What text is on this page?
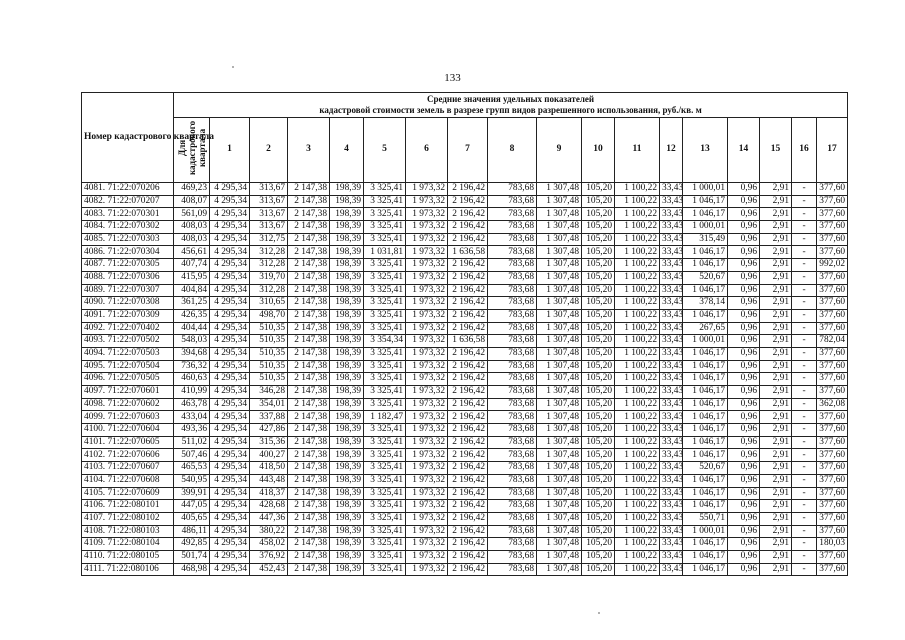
133
Номер кадастрового квартала	Средние значения удельных показателей
кадастровой стоимости земель в разрезе групп видов разрешенного использования, руб./кв. м																	

	Для кадастрового квартала	1	2	3	4	5	6	7	8	9	10	11	12	13	14	15	16	17
4081. 71:22:070206	469,23	4 295,34	313,67	2 147,38	198,39	3 325,41	1 973,32	2 196,42	783,68	1 307,48	105,20	1 100,22	33,43	1 000,01	0,96	2,91	-	377,60
4082. 71:22:070207	408,07	4 295,34	313,67	2 147,38	198,39	3 325,41	1 973,32	2 196,42	783,68	1 307,48	105,20	1 100,22	33,43	1 046,17	0,96	2,91	-	377,60
4083. 71:22:070301	561,09	4 295,34	313,67	2 147,38	198,39	3 325,41	1 973,32	2 196,42	783,68	1 307,48	105,20	1 100,22	33,43	1 046,17	0,96	2,91	-	377,60
4084. 71:22:070302	408,03	4 295,34	313,67	2 147,38	198,39	3 325,41	1 973,32	2 196,42	783,68	1 307,48	105,20	1 100,22	33,43	1 000,01	0,96	2,91	-	377,60
4085. 71:22:070303	408,03	4 295,34	312,75	2 147,38	198,39	3 325,41	1 973,32	2 196,42	783,68	1 307,48	105,20	1 100,22	33,43	315,49	0,96	2,91	-	377,60
4086. 71:22:070304	456,61	4 295,34	312,28	2 147,38	198,39	1 031,81	1 973,32	1 636,58	783,68	1 307,48	105,20	1 100,22	33,43	1 046,17	0,96	2,91	-	377,60
4087. 71:22:070305	407,74	4 295,34	312,28	2 147,38	198,39	3 325,41	1 973,32	2 196,42	783,68	1 307,48	105,20	1 100,22	33,43	1 046,17	0,96	2,91	-	992,02
4088. 71:22:070306	415,95	4 295,34	319,70	2 147,38	198,39	3 325,41	1 973,32	2 196,42	783,68	1 307,48	105,20	1 100,22	33,43	520,67	0,96	2,91	-	377,60
4089. 71:22:070307	404,84	4 295,34	312,28	2 147,38	198,39	3 325,41	1 973,32	2 196,42	783,68	1 307,48	105,20	1 100,22	33,43	1 046,17	0,96	2,91	-	377,60
4090. 71:22:070308	361,25	4 295,34	310,65	2 147,38	198,39	3 325,41	1 973,32	2 196,42	783,68	1 307,48	105,20	1 100,22	33,43	378,14	0,96	2,91	-	377,60
4091. 71:22:070309	426,35	4 295,34	498,70	2 147,38	198,39	3 325,41	1 973,32	2 196,42	783,68	1 307,48	105,20	1 100,22	33,43	1 046,17	0,96	2,91	-	377,60
4092. 71:22:070402	404,44	4 295,34	510,35	2 147,38	198,39	3 325,41	1 973,32	2 196,42	783,68	1 307,48	105,20	1 100,22	33,43	267,65	0,96	2,91	-	377,60
4093. 71:22:070502	548,03	4 295,34	510,35	2 147,38	198,39	3 354,34	1 973,32	1 636,58	783,68	1 307,48	105,20	1 100,22	33,43	1 000,01	0,96	2,91	-	782,04
4094. 71:22:070503	394,68	4 295,34	510,35	2 147,38	198,39	3 325,41	1 973,32	2 196,42	783,68	1 307,48	105,20	1 100,22	33,43	1 046,17	0,96	2,91	-	377,60
4095. 71:22:070504	736,32	4 295,34	510,35	2 147,38	198,39	3 325,41	1 973,32	2 196,42	783,68	1 307,48	105,20	1 100,22	33,43	1 046,17	0,96	2,91	-	377,60
4096. 71:22:070505	460,63	4 295,34	510,35	2 147,38	198,39	3 325,41	1 973,32	2 196,42	783,68	1 307,48	105,20	1 100,22	33,43	1 046,17	0,96	2,91	-	377,60
4097. 71:22:070601	410,99	4 295,34	346,28	2 147,38	198,39	3 325,41	1 973,32	2 196,42	783,68	1 307,48	105,20	1 100,22	33,43	1 046,17	0,96	2,91	-	377,60
4098. 71:22:070602	463,78	4 295,34	354,01	2 147,38	198,39	3 325,41	1 973,32	2 196,42	783,68	1 307,48	105,20	1 100,22	33,43	1 046,17	0,96	2,91	-	362,08
4099. 71:22:070603	433,04	4 295,34	337,88	2 147,38	198,39	1 182,47	1 973,32	2 196,42	783,68	1 307,48	105,20	1 100,22	33,43	1 046,17	0,96	2,91	-	377,60
4100. 71:22:070604	493,36	4 295,34	427,86	2 147,38	198,39	3 325,41	1 973,32	2 196,42	783,68	1 307,48	105,20	1 100,22	33,43	1 046,17	0,96	2,91	-	377,60
4101. 71:22:070605	511,02	4 295,34	315,36	2 147,38	198,39	3 325,41	1 973,32	2 196,42	783,68	1 307,48	105,20	1 100,22	33,43	1 046,17	0,96	2,91	-	377,60
4102. 71:22:070606	507,46	4 295,34	400,27	2 147,38	198,39	3 325,41	1 973,32	2 196,42	783,68	1 307,48	105,20	1 100,22	33,43	1 046,17	0,96	2,91	-	377,60
4103. 71:22:070607	465,53	4 295,34	418,50	2 147,38	198,39	3 325,41	1 973,32	2 196,42	783,68	1 307,48	105,20	1 100,22	33,43	520,67	0,96	2,91	-	377,60
4104. 71:22:070608	540,95	4 295,34	443,48	2 147,38	198,39	3 325,41	1 973,32	2 196,42	783,68	1 307,48	105,20	1 100,22	33,43	1 046,17	0,96	2,91	-	377,60
4105. 71:22:070609	399,91	4 295,34	418,37	2 147,38	198,39	3 325,41	1 973,32	2 196,42	783,68	1 307,48	105,20	1 100,22	33,43	1 046,17	0,96	2,91	-	377,60
4106. 71:22:080101	447,05	4 295,34	428,68	2 147,38	198,39	3 325,41	1 973,32	2 196,42	783,68	1 307,48	105,20	1 100,22	33,43	1 046,17	0,96	2,91	-	377,60
4107. 71:22:080102	405,65	4 295,34	447,36	2 147,38	198,39	3 325,41	1 973,32	2 196,42	783,68	1 307,48	105,20	1 100,22	33,43	550,71	0,96	2,91	-	377,60
4108. 71:22:080103	486,11	4 295,34	380,22	2 147,38	198,39	3 325,41	1 973,32	2 196,42	783,68	1 307,48	105,20	1 100,22	33,43	1 000,01	0,96	2,91	-	377,60
4109. 71:22:080104	492,85	4 295,34	458,02	2 147,38	198,39	3 325,41	1 973,32	2 196,42	783,68	1 307,48	105,20	1 100,22	33,43	1 046,17	0,96	2,91	-	180,03
4110. 71:22:080105	501,74	4 295,34	376,92	2 147,38	198,39	3 325,41	1 973,32	2 196,42	783,68	1 307,48	105,20	1 100,22	33,43	1 046,17	0,96	2,91	-	377,60
4111. 71:22:080106	468,98	4 295,34	452,43	2 147,38	198,39	3 325,41	1 973,32	2 196,42	783,68	1 307,48	105,20	1 100,22	33,43	1 046,17	0,96	2,91	-	377,60
